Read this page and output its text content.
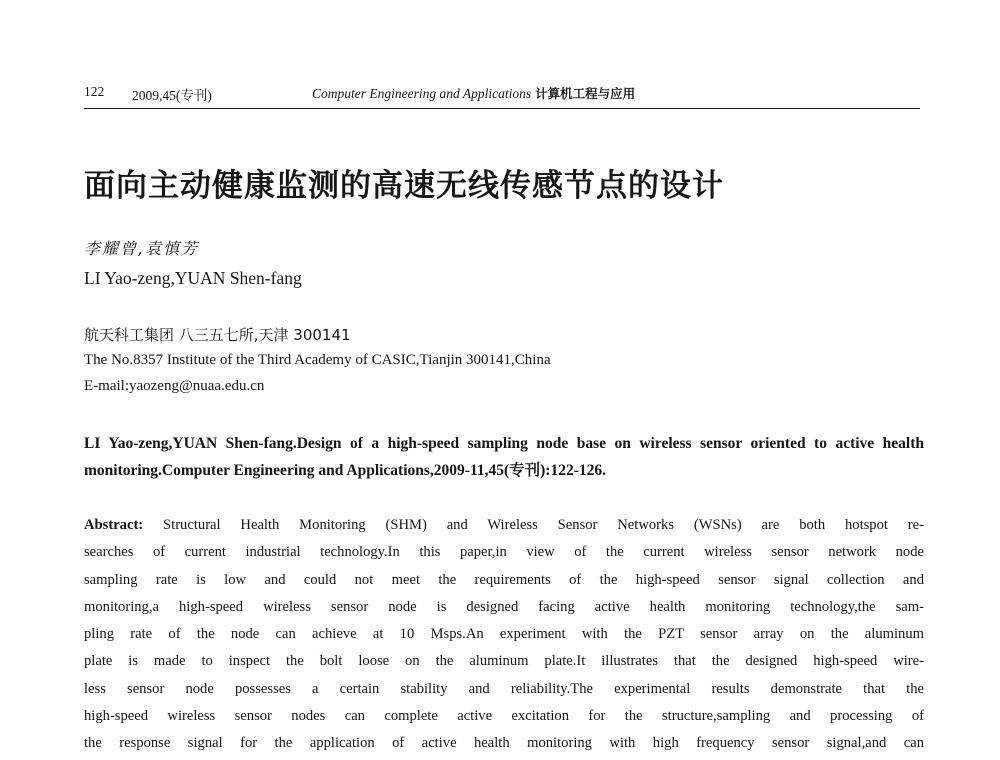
122 2009,45(专刊)	Computer Engineering and Applications 计算机工程与应用
面向主动健康监测的高速无线传感节点的设计
李耀曾,袁慎芳
LI Yao-zeng,YUAN Shen-fang
航天科工集团 八三五七所,天津 300141
The No.8357 Institute of the Third Academy of CASIC,Tianjin 300141,China
E-mail:yaozeng@nuaa.edu.cn
LI Yao-zeng,YUAN Shen-fang.Design of a high-speed sampling node base on wireless sensor oriented to active health monitoring.Computer Engineering and Applications,2009-11,45(专刊):122-126.
Abstract: Structural Health Monitoring (SHM) and Wireless Sensor Networks (WSNs) are both hotspot re-
searches of current industrial technology.In this paper,in view of the current wireless sensor network node
sampling rate is low and could not meet the requirements of the high-speed sensor signal collection and
monitoring,a high-speed wireless sensor node is designed facing active health monitoring technology,the sam-
pling rate of the node can achieve at 10 Msps.An experiment with the PZT sensor array on the aluminum
plate is made to inspect the bolt loose on the aluminum plate.It illustrates that the designed high-speed wire-
less sensor node possesses a certain stability and reliability.The experimental results demonstrate that the
high-speed wireless sensor nodes can complete active excitation for the structure,sampling and processing of
the response signal for the application of active health monitoring with high frequency sensor signal,and can
